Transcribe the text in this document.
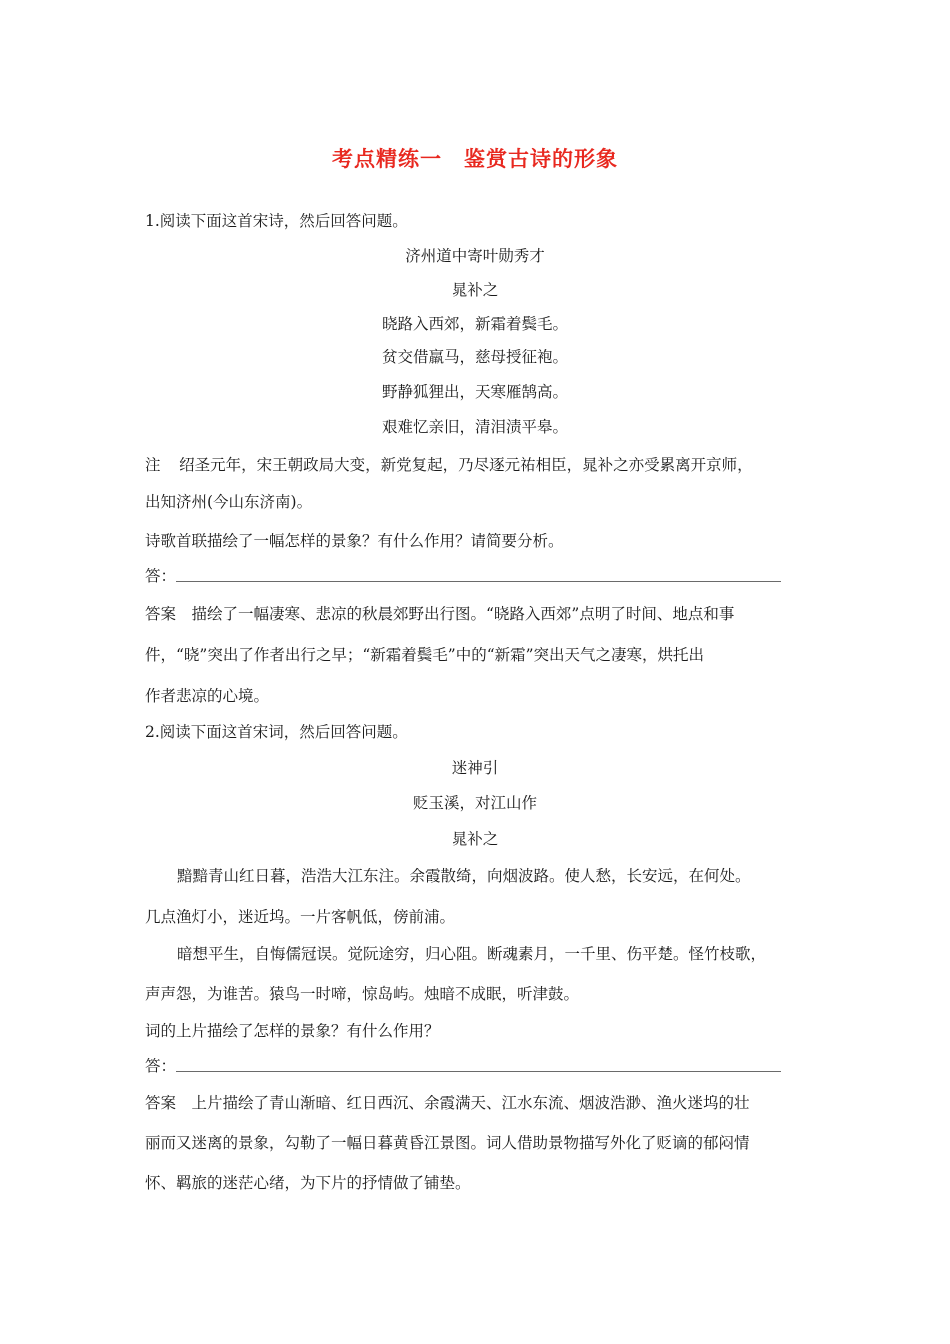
考点精练一　鉴赏古诗的形象
1.阅读下面这首宋诗，然后回答问题。
济州道中寄叶勋秀才
晁补之
晓路入西郊，新霜着鬓毛。
贫交借羸马，慈母授征袍。
野静狐狸出，天寒雁鹄高。
艰难忆亲旧，清泪渍平皋。
注 绍圣元年，宋王朝政局大变，新党复起，乃尽逐元祐相臣，晁补之亦受累离开京师，
出知济州(今山东济南)。
诗歌首联描绘了一幅怎样的景象？有什么作用？请简要分析。
答：
答案 描绘了一幅凄寒、悲凉的秋晨郊野出行图。“晓路入西郊”点明了时间、地点和事
件，“晓”突出了作者出行之早；“新霜着鬓毛”中的“新霜”突出天气之凄寒，烘托出
作者悲凉的心境。
2.阅读下面这首宋词，然后回答问题。
迷神引
贬玉溪，对江山作
晁补之
黯黯青山红日暮，浩浩大江东注。余霞散绮，向烟波路。使人愁，长安远，在何处。
几点渔灯小，迷近坞。一片客帆低，傍前浦。
暗想平生，自悔儒冠误。觉阮途穷，归心阻。断魂素月，一千里、伤平楚。怪竹枝歌，
声声怨，为谁苦。猿鸟一时啼，惊岛屿。烛暗不成眠，听津鼓。
词的上片描绘了怎样的景象？有什么作用？
答：
答案 上片描绘了青山渐暗、红日西沉、余霞满天、江水东流、烟波浩渺、渔火迷坞的壮
丽而又迷离的景象，勾勒了一幅日暮黄昏江景图。词人借助景物描写外化了贬谪的郁闷情
怀、羁旅的迷茫心绪，为下片的抒情做了铺垫。
